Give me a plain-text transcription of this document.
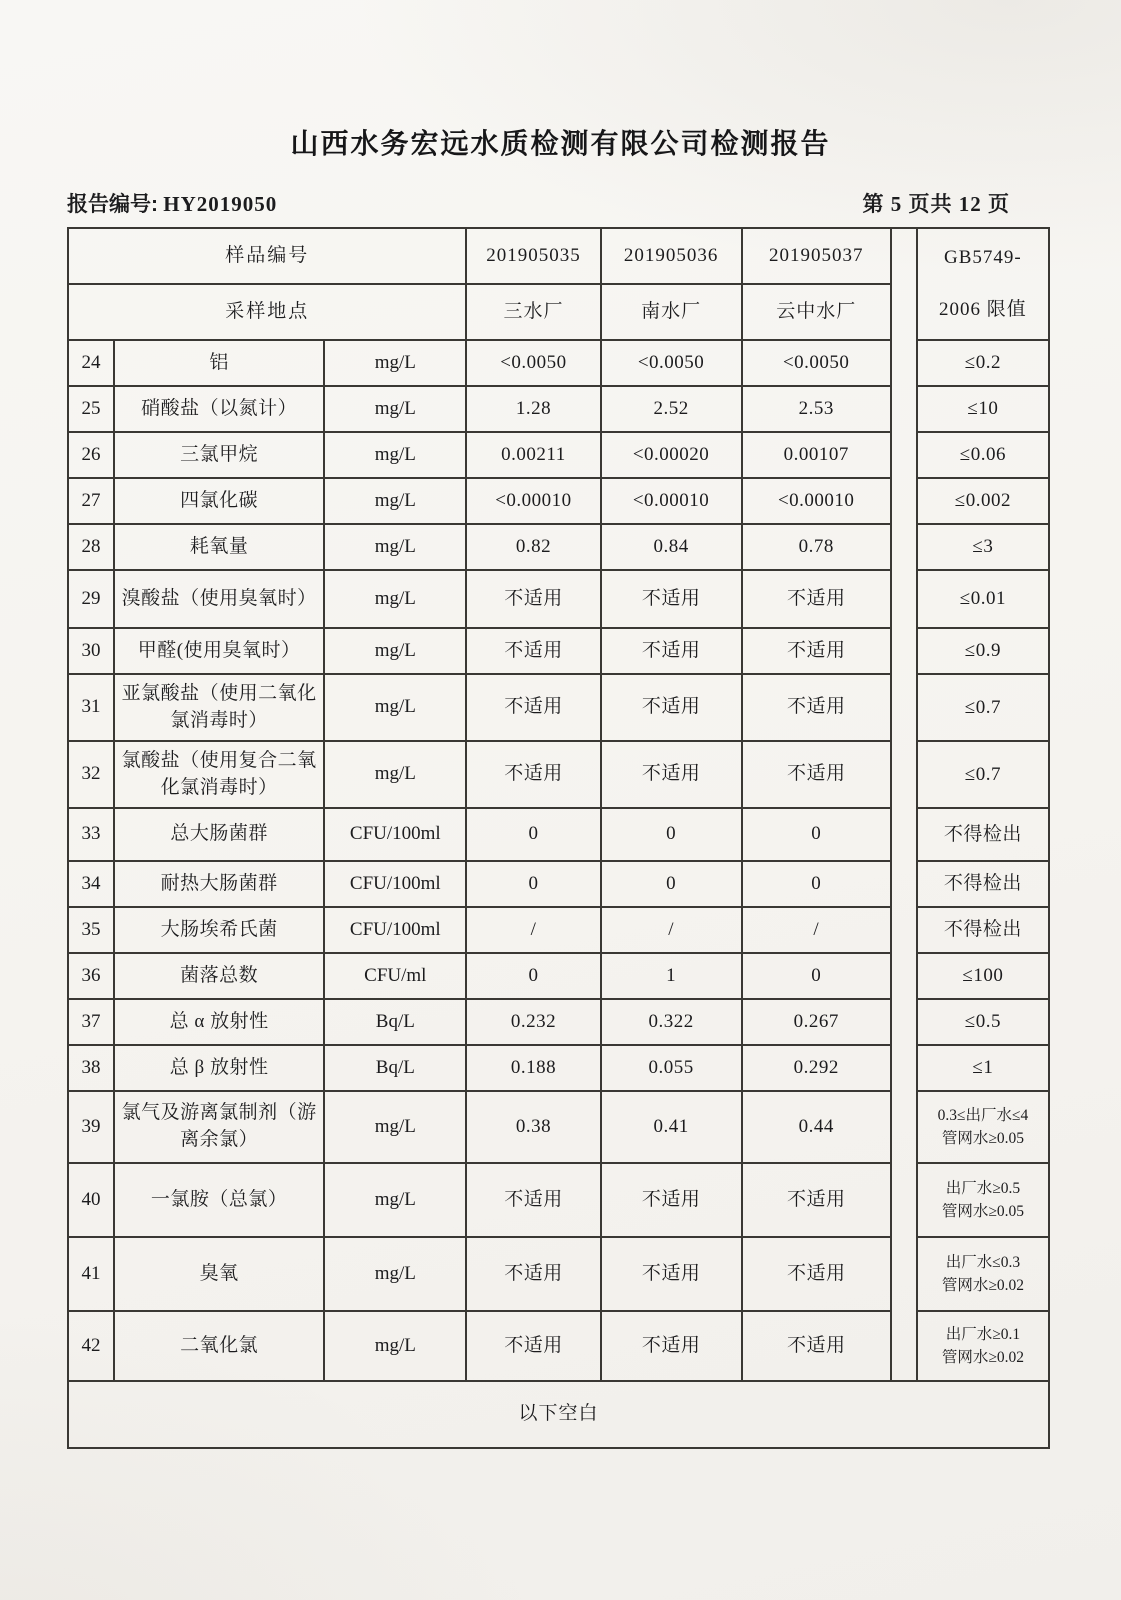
山西水务宏远水质检测有限公司检测报告
报告编号: HY2019050	第 5 页共 12 页
样品编号			201905035	201905036	201905037		GB5749-
2006 限值

采样地点			三水厂	南水厂	云中水厂		
24	铝	mg/L	<0.0050	<0.0050	<0.0050		≤0.2

25	硝酸盐（以氮计）	mg/L	1.28	2.52	2.53		≤10

26	三氯甲烷	mg/L	0.00211	<0.00020	0.00107		≤0.06

27	四氯化碳	mg/L	<0.00010	<0.00010	<0.00010		≤0.002

28	耗氧量	mg/L	0.82	0.84	0.78		≤3

29	溴酸盐（使用臭氧时）	mg/L	不适用	不适用	不适用		≤0.01

30	甲醛(使用臭氧时）	mg/L	不适用	不适用	不适用		≤0.9

31	亚氯酸盐（使用二氧化氯消毒时）	mg/L	不适用	不适用	不适用		≤0.7

32	氯酸盐（使用复合二氧化氯消毒时）	mg/L	不适用	不适用	不适用		≤0.7

33	总大肠菌群	CFU/100ml	0	0	0		不得检出

34	耐热大肠菌群	CFU/100ml	0	0	0		不得检出

35	大肠埃希氏菌	CFU/100ml	/	/	/		不得检出

36	菌落总数	CFU/ml	0	1	0		≤100

37	总 α 放射性	Bq/L	0.232	0.322	0.267		≤0.5

38	总 β 放射性	Bq/L	0.188	0.055	0.292		≤1

39	氯气及游离氯制剂（游离余氯）	mg/L	0.38	0.41	0.44		0.3≤出厂水≤4
管网水≥0.05

40	一氯胺（总氯）	mg/L	不适用	不适用	不适用		出厂水≥0.5
管网水≥0.05

41	臭氧	mg/L	不适用	不适用	不适用		出厂水≤0.3
管网水≥0.02

42	二氧化氯	mg/L	不适用	不适用	不适用		出厂水≥0.1
管网水≥0.02

以下空白							
